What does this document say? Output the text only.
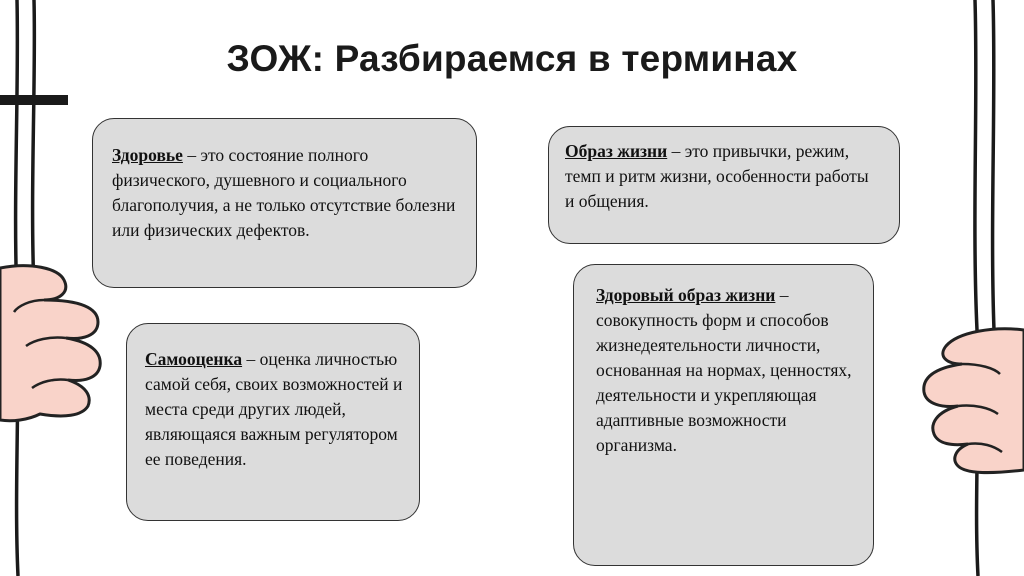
ЗОЖ: Разбираемся в терминах
Здоровье – это состояние полного физического, душевного и социального благополучия, а не только отсутствие болезни или физических дефектов.
Образ жизни – это привычки, режим, темп и ритм жизни, особенности работы и общения.
Самооценка – оценка личностью самой себя, своих возможностей и места среди других людей, являющаяся важным регулятором ее поведения.
Здоровый образ жизни – совокупность форм и способов жизнедеятельности личности, основанная на нормах, ценностях, деятельности и укрепляющая адаптивные возможности организма.
